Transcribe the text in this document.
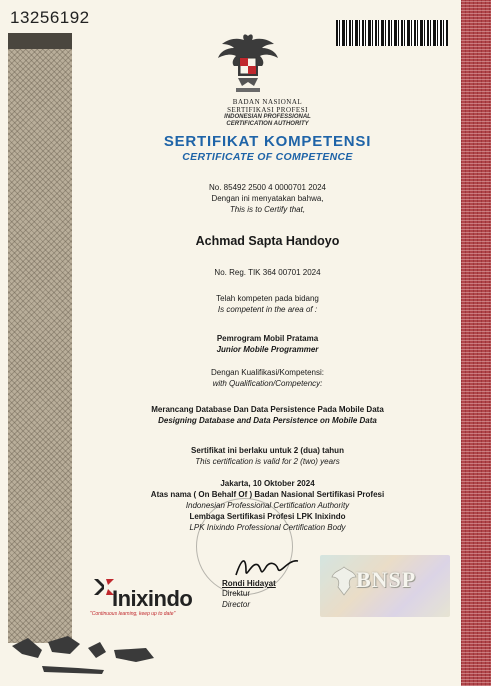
13256192
BADAN NASIONAL
SERTIFIKASI PROFESI
INDONESIAN PROFESSIONAL
CERTIFICATION AUTHORITY
SERTIFIKAT KOMPETENSI
CERTIFICATE OF COMPETENCE
No. 85492 2500 4 0000701 2024
Dengan ini menyatakan bahwa,
This is to Certify that,
Achmad Sapta Handoyo
No. Reg. TIK 364 00701 2024
Telah kompeten pada bidang
Is competent in the area of :
Pemrogram Mobil Pratama
Junior Mobile Programmer
Dengan Kualifikasi/Kompetensi:
with Qualification/Competency:
Merancang Database Dan Data Persistence Pada Mobile Data
Designing Database and Data Persistence on Mobile Data
Sertifikat ini berlaku untuk 2 (dua) tahun
This certification is valid for 2 (two) years
Jakarta, 10 Oktober 2024
Atas nama ( On Behalf Of ) Badan Nasional Sertifikasi Profesi
Indonesian Professional Certification Authority
Lembaga Sertifikasi Profesi LPK Inixindo
LPK Inixindo Professional Certification Body
Rondi Hidayat
Direktur
Director
Inixindo
"Continuous learning, keep up to date"
BNSP
